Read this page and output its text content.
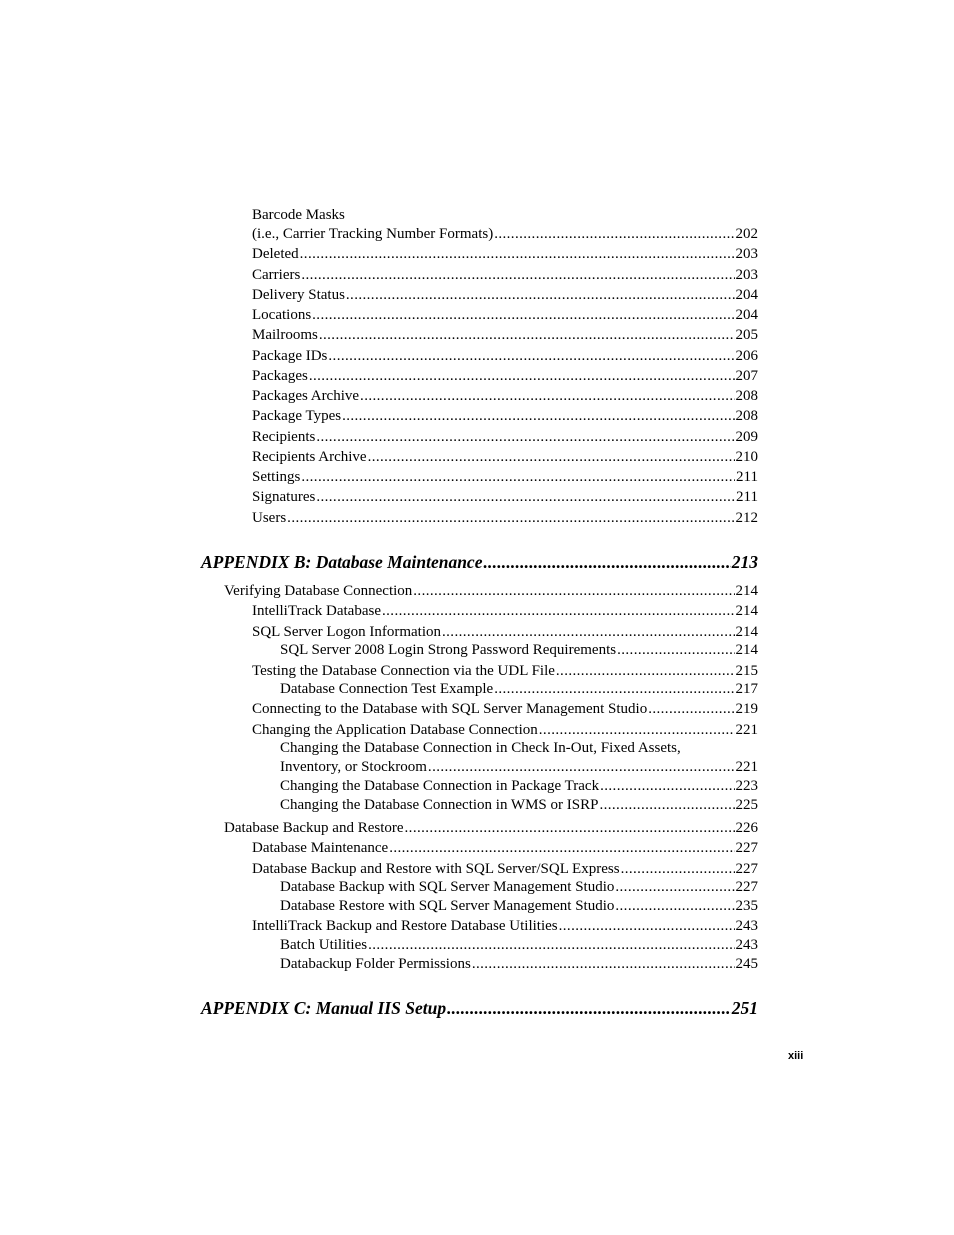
Barcode Masks
(i.e., Carrier Tracking Number Formats) .....	202
Deleted .....	203
Carriers .....	203
Delivery Status .....	204
Locations .....	204
Mailrooms .....	205
Package IDs .....	206
Packages .....	207
Packages Archive .....	208
Package Types .....	208
Recipients .....	209
Recipients Archive .....	210
Settings .....	211
Signatures .....	211
Users .....	212
APPENDIX B: Database Maintenance .....	213
Verifying Database Connection .....	214
IntelliTrack Database .....	214
SQL Server Logon Information .....	214
SQL Server 2008 Login Strong Password Requirements .....	214
Testing the Database Connection via the UDL File .....	215
Database Connection Test Example .....	217
Connecting to the Database with SQL Server Management Studio .....	219
Changing the Application Database Connection .....	221
Changing the Database Connection in Check In-Out, Fixed Assets,
Inventory, or Stockroom .....	221
Changing the Database Connection in Package Track .....	223
Changing the Database Connection in WMS or ISRP .....	225
Database Backup and Restore .....	226
Database Maintenance .....	227
Database Backup and Restore with SQL Server/SQL Express .....	227
Database Backup with SQL Server Management Studio .....	227
Database Restore with SQL Server Management Studio .....	235
IntelliTrack Backup and Restore Database Utilities .....	243
Batch Utilities .....	243
Databackup Folder Permissions .....	245
APPENDIX C: Manual IIS Setup .....	251
xiii
